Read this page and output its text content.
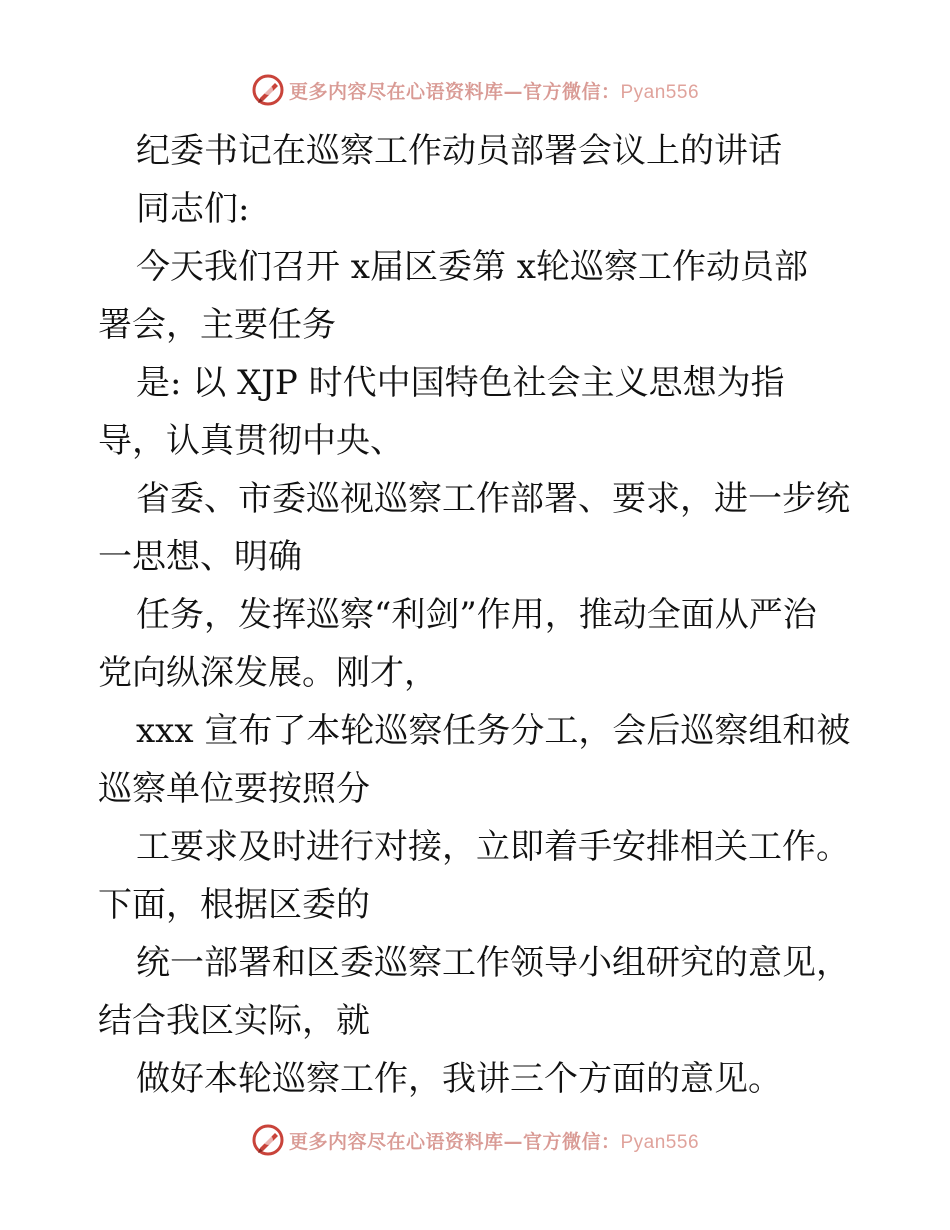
更多内容尽在心语资料库—官方微信：Pyan556
纪委书记在巡察工作动员部署会议上的讲话
同志们:
今天我们召开 x届区委第 x轮巡察工作动员部
署会，主要任务
是: 以 XJP 时代中国特色社会主义思想为指
导，认真贯彻中央、
省委、市委巡视巡察工作部署、要求，进一步统
一思想、明确
任务，发挥巡察“利剑”作用，推动全面从严治
党向纵深发展。刚才，
xxx 宣布了本轮巡察任务分工，会后巡察组和被
巡察单位要按照分
工要求及时进行对接，立即着手安排相关工作。
下面，根据区委的
统一部署和区委巡察工作领导小组研究的意见，
结合我区实际，就
做好本轮巡察工作，我讲三个方面的意见。
更多内容尽在心语资料库—官方微信：Pyan556
